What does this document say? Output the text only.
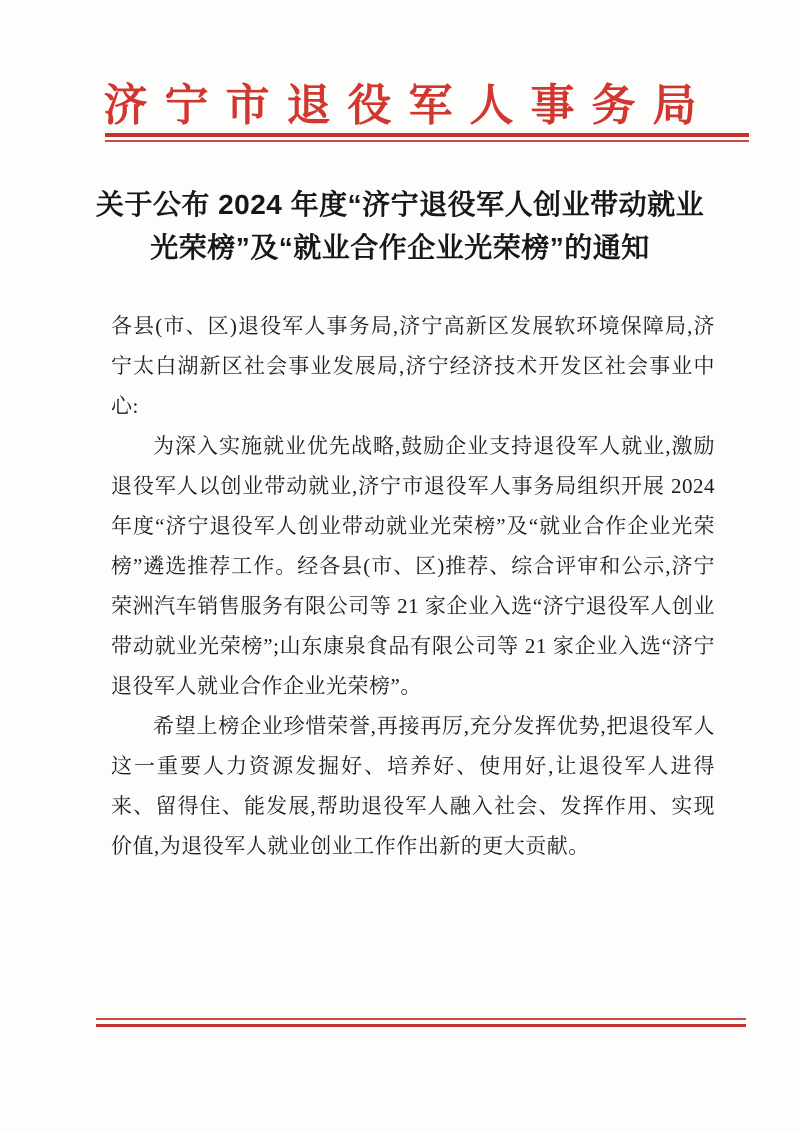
济宁市退役军人事务局
关于公布 2024 年度“济宁退役军人创业带动就业
光荣榜”及“就业合作企业光荣榜”的通知

各县(市、区)退役军人事务局,济宁高新区发展软环境保障局,济宁太白湖新区社会事业发展局,济宁经济技术开发区社会事业中心:

为深入实施就业优先战略,鼓励企业支持退役军人就业,激励退役军人以创业带动就业,济宁市退役军人事务局组织开展 2024 年度“济宁退役军人创业带动就业光荣榜”及“就业合作企业光荣榜”遴选推荐工作。经各县(市、区)推荐、综合评审和公示,济宁荣洲汽车销售服务有限公司等 21 家企业入选“济宁退役军人创业带动就业光荣榜”;山东康泉食品有限公司等 21 家企业入选“济宁退役军人就业合作企业光荣榜”。

希望上榜企业珍惜荣誉,再接再厉,充分发挥优势,把退役军人这一重要人力资源发掘好、培养好、使用好,让退役军人进得来、留得住、能发展,帮助退役军人融入社会、发挥作用、实现价值,为退役军人就业创业工作作出新的更大贡献。
